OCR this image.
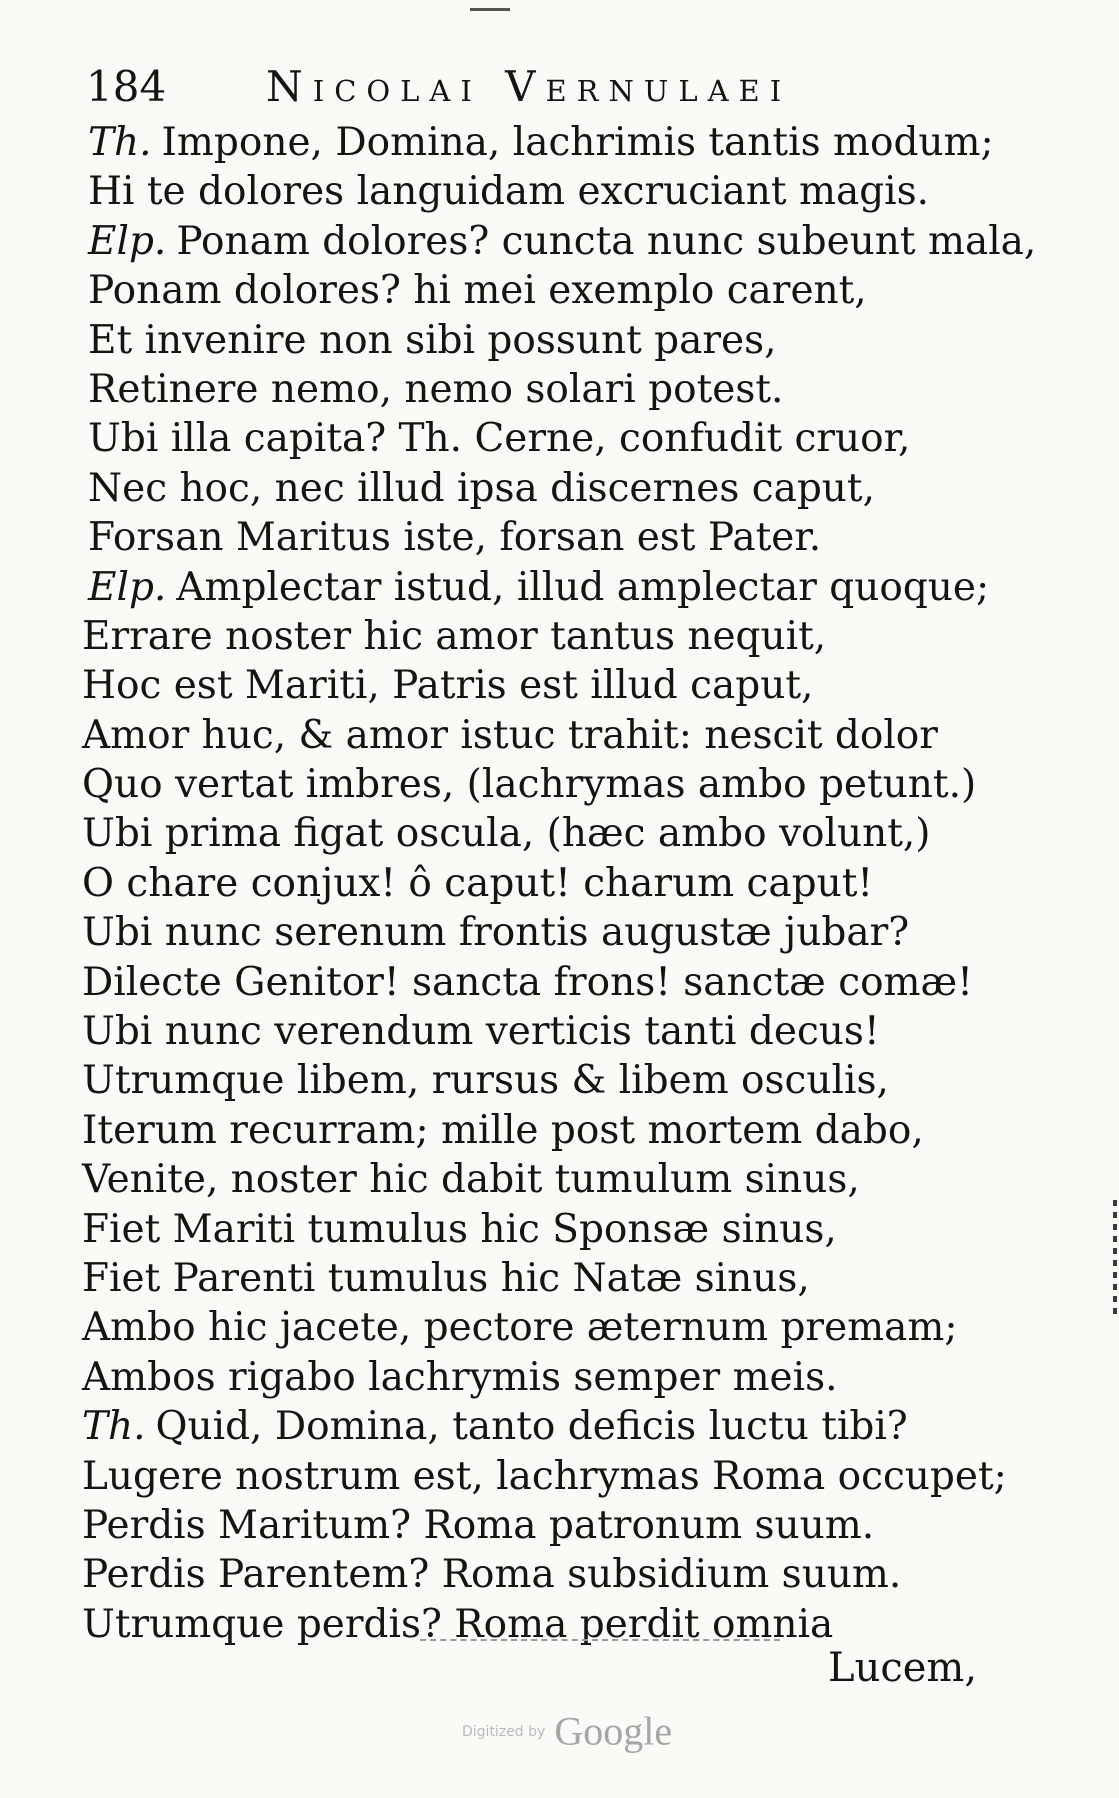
184 Nicolai Vernulaei
Th. Impone, Domina, lachrimis tantis modum;
Hi te dolores languidam excruciant magis.
Elp. Ponam dolores? cuncta nunc subeunt mala,
Ponam dolores? hi mei exemplo carent,
Et invenire non sibi possunt pares,
Retinere nemo, nemo solari potest.
Ubi illa capita? Th. Cerne, confudit cruor,
Nec hoc, nec illud ipsa discernes caput,
Forsan Maritus iste, forsan est Pater.
Elp. Amplectar istud, illud amplectar quoque;
Errare noster hic amor tantus nequit,
Hoc est Mariti, Patris est illud caput,
Amor huc, & amor istuc trahit: nescit dolor
Quo vertat imbres, (lachrymas ambo petunt.)
Ubi prima figat oscula, (hæc ambo volunt,)
O chare conjux! ô caput! charum caput!
Ubi nunc serenum frontis augustæ jubar?
Dilecte Genitor! sancta frons! sanctæ comæ!
Ubi nunc verendum verticis tanti decus!
Utrumque libem, rursus & libem osculis,
Iterum recurram; mille post mortem dabo,
Venite, noster hic dabit tumulum sinus,
Fiet Mariti tumulus hic Sponsæ sinus,
Fiet Parenti tumulus hic Natæ sinus,
Ambo hic jacete, pectore æternum premam;
Ambos rigabo lachrymis semper meis.
Th. Quid, Domina, tanto deficis luctu tibi?
Lugere nostrum est, lachrymas Roma occupet;
Perdis Maritum? Roma patronum suum.
Perdis Parentem? Roma subsidium suum.
Utrumque perdis? Roma perdit omnia
Lucem,
Digitized by Google
